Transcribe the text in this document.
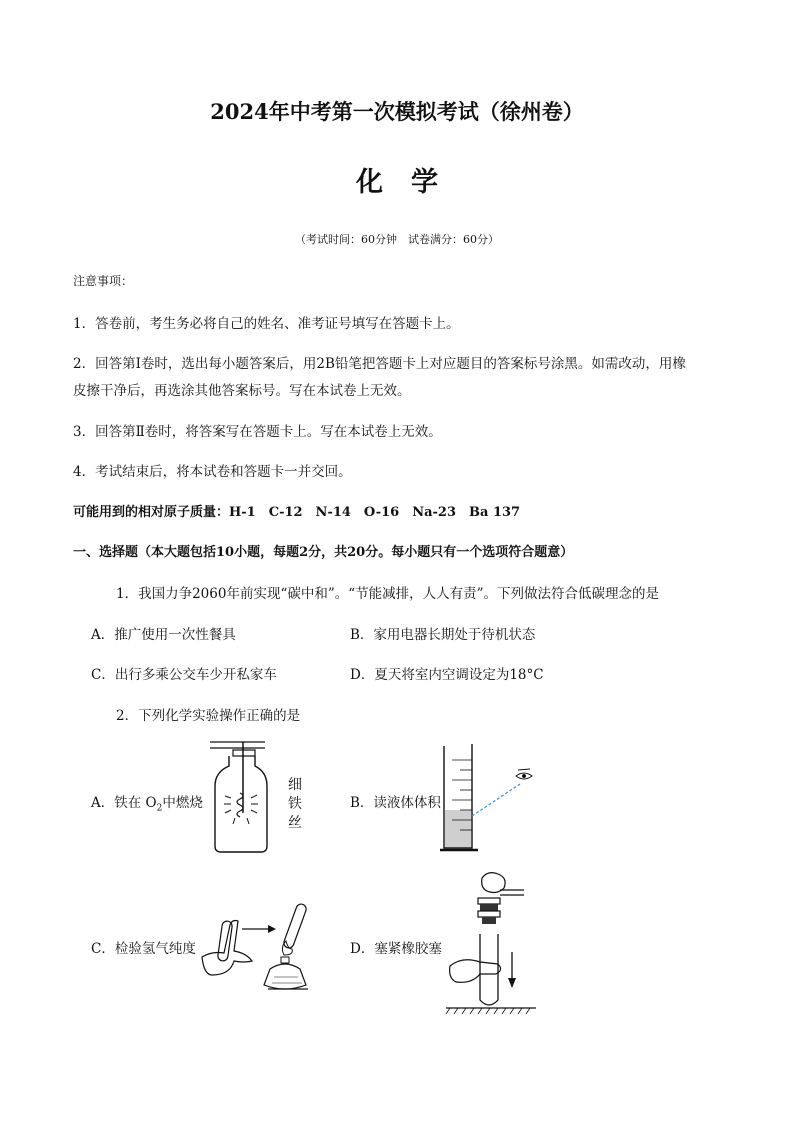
2024年中考第一次模拟考试（徐州卷）
化学
（考试时间：60分钟　试卷满分：60分）
注意事项：
1．答卷前，考生务必将自己的姓名、准考证号填写在答题卡上。
2．回答第Ⅰ卷时，选出每小题答案后，用2B铅笔把答题卡上对应题目的答案标号涂黑。如需改动，用橡
皮擦干净后，再选涂其他答案标号。写在本试卷上无效。
3．回答第Ⅱ卷时，将答案写在答题卡上。写在本试卷上无效。
4．考试结束后，将本试卷和答题卡一并交回。
可能用到的相对原子质量：H-1　C-12　N-14　O-16　Na-23　Ba 137
一、选择题（本大题包括10小题，每题2分，共20分。每小题只有一个选项符合题意）
1．我国力争2060年前实现“碳中和”。“节能减排，人人有责”。下列做法符合低碳理念的是
A．推广使用一次性餐具	B．家用电器长期处于待机状态
C．出行多乘公交车少开私家车	D．夏天将室内空调设定为18°C
2．下列化学实验操作正确的是
A．铁在 $O_2$中燃烧
细
铁
丝
B．读液体体积
C．检验氢气纯度	D．塞紧橡胶塞
